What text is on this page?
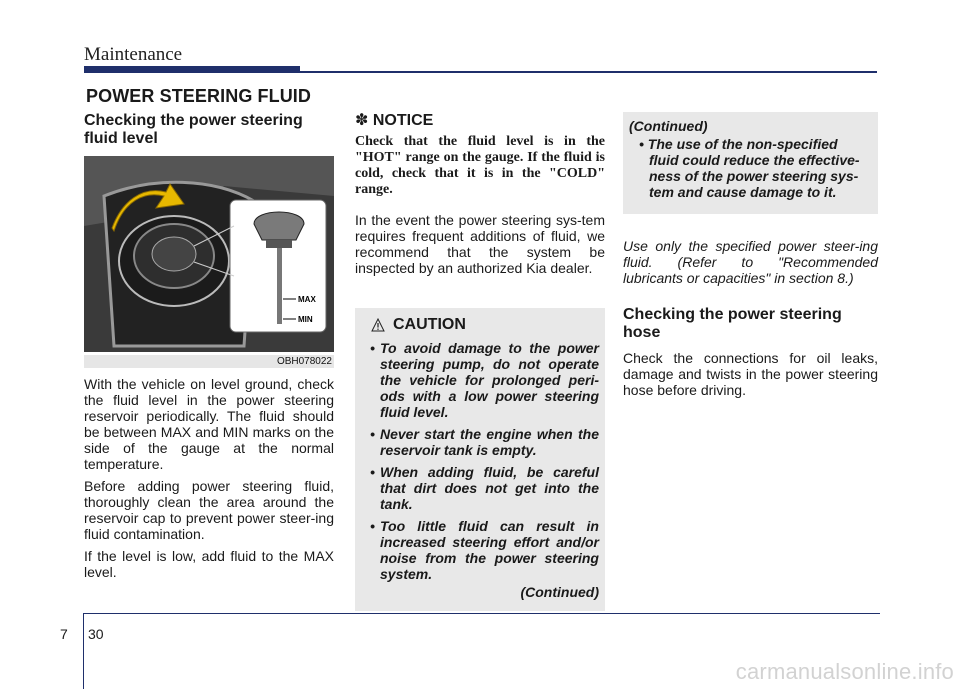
Maintenance
POWER STEERING FLUID
Checking the power steering fluid level
MAX
MIN
OBH078022

With the vehicle on level ground, check the fluid level in the power steering reservoir periodically. The fluid should be between MAX and MIN marks on the side of the gauge at the normal temperature.

Before adding power steering fluid, thoroughly clean the area around the reservoir cap to prevent power steer-ing fluid contamination.

If the level is low, add fluid to the MAX level.

✽ NOTICE
Check that the fluid level is in the "HOT" range on the gauge. If the fluid is cold, check that it is in the "COLD" range.

In the event the power steering sys-tem requires frequent additions of fluid, we recommend that the system be inspected by an authorized Kia dealer.

CAUTION
• To avoid damage to the power steering pump, do not operate the vehicle for prolonged peri-ods with a low power steering fluid level.
• Never start the engine when the reservoir tank is empty.
• When adding fluid, be careful that dirt does not get into the tank.
• Too little fluid can result in increased steering effort and/or noise from the power steering system.
(Continued)
(Continued)
• The use of the non-specified fluid could reduce the effective-ness of the power steering sys-tem and cause damage to it.

Use only the specified power steer-ing fluid. (Refer to "Recommended lubricants or capacities" in section 8.)

Checking the power steering hose

Check the connections for oil leaks, damage and twists in the power steering hose before driving.

7 30
carmanualsonline.info
